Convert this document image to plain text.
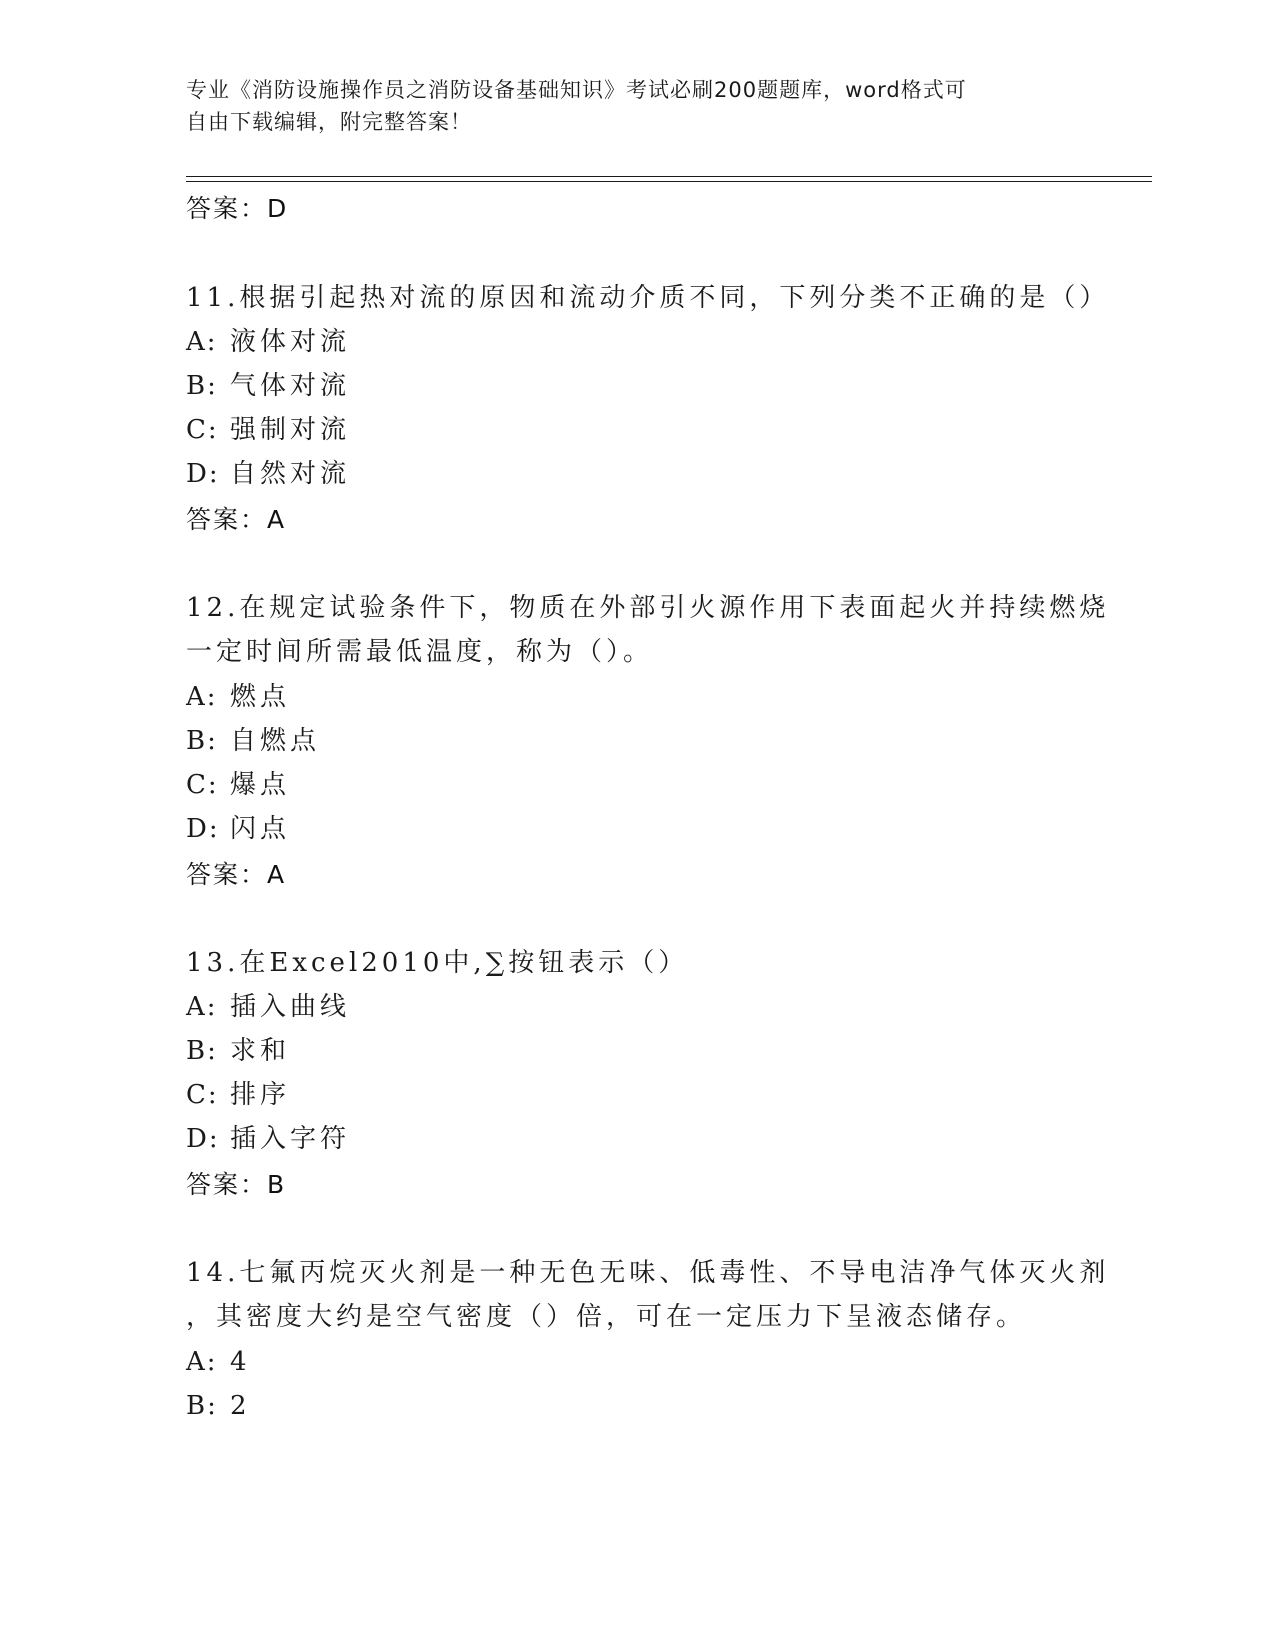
专业《消防设施操作员之消防设备基础知识》考试必刷200题题库，word格式可
自由下载编辑，附完整答案！
答案：D
11.根据引起热对流的原因和流动介质不同，下列分类不正确的是（）
A: 液体对流
B: 气体对流
C: 强制对流
D: 自然对流
答案：A
12.在规定试验条件下，物质在外部引火源作用下表面起火并持续燃烧
一定时间所需最低温度，称为（）。
A: 燃点
B: 自燃点
C: 爆点
D: 闪点
答案：A
13.在Excel2010中,∑按钮表示（）
A: 插入曲线
B: 求和
C: 排序
D: 插入字符
答案：B
14.七氟丙烷灭火剂是一种无色无味、低毒性、不导电洁净气体灭火剂
，其密度大约是空气密度（）倍，可在一定压力下呈液态储存。
A: 4
B: 2
